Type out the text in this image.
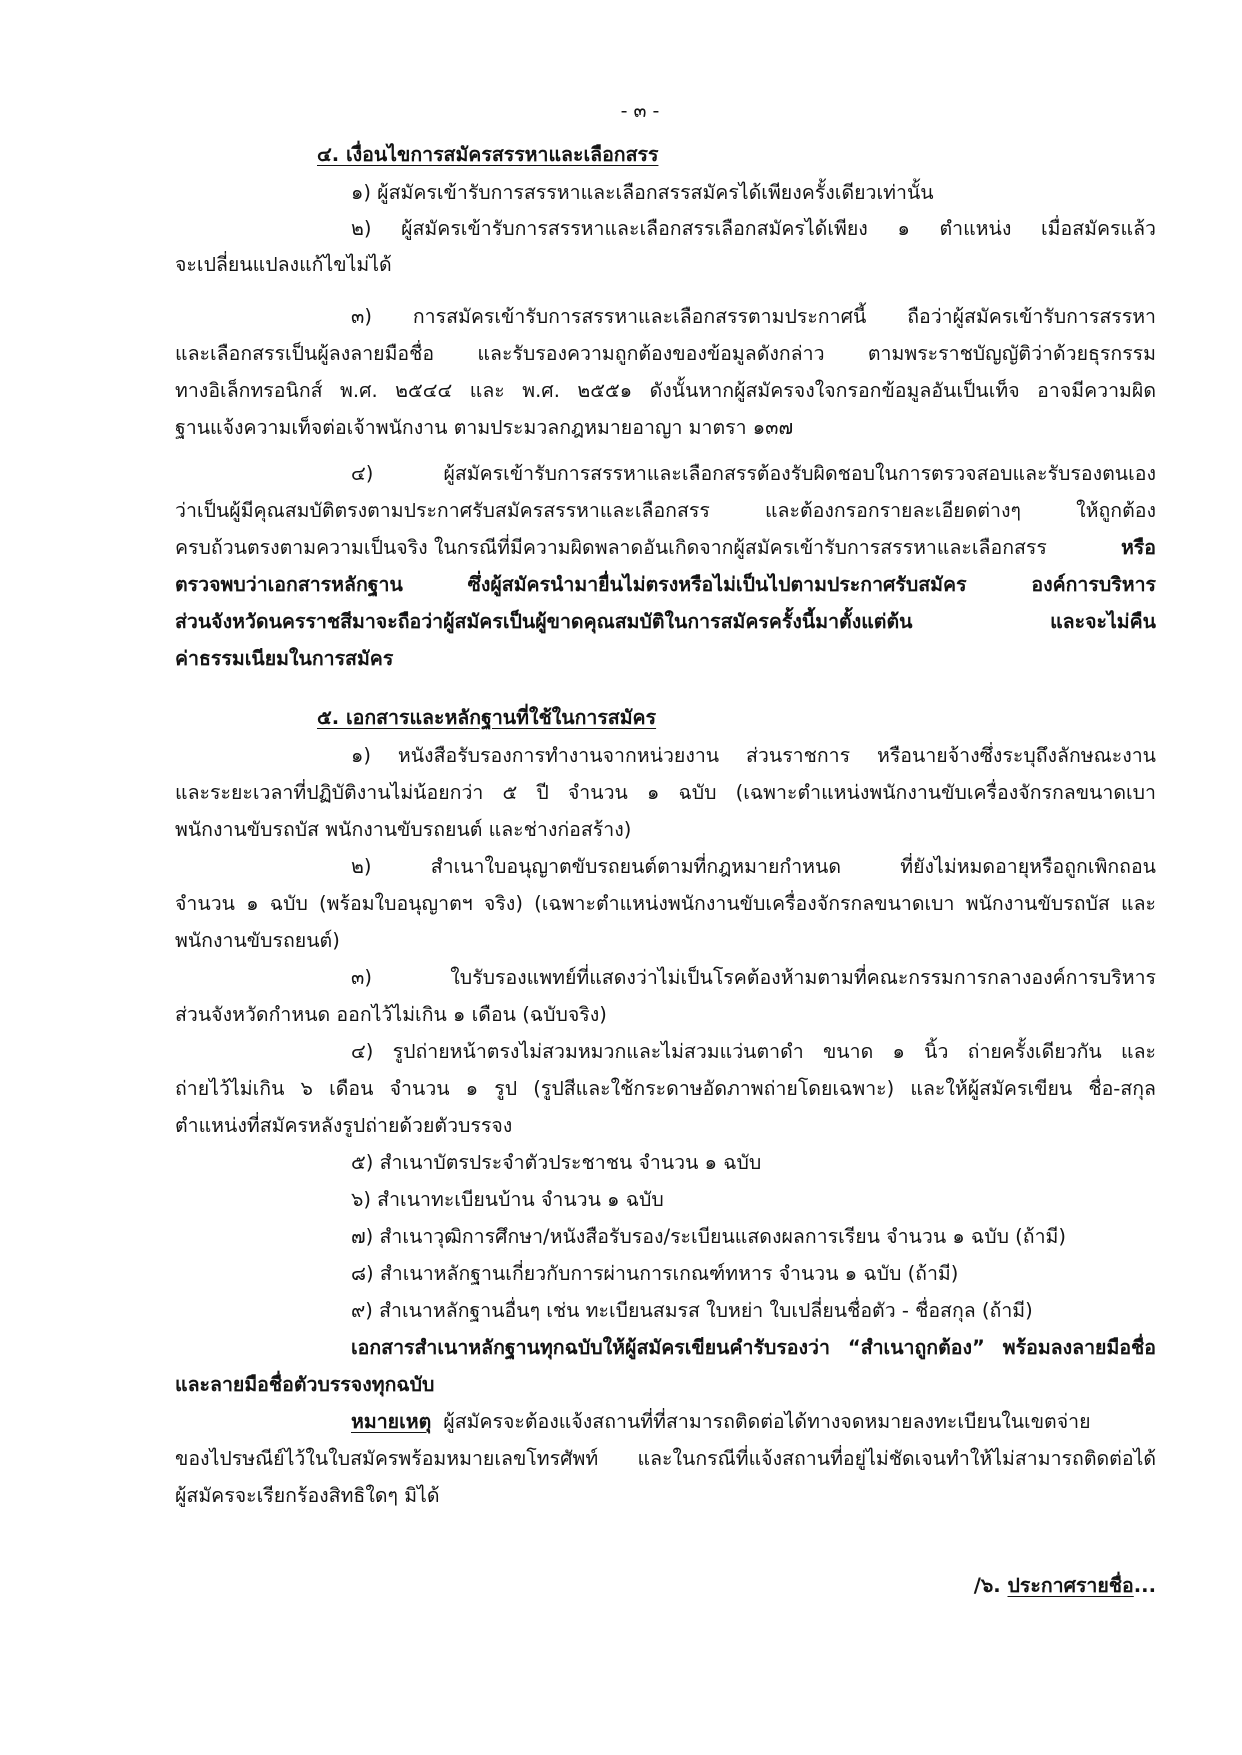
- ๓ -
๔. เงื่อนไขการสมัครสรรหาและเลือกสรร
๑) ผู้สมัครเข้ารับการสรรหาและเลือกสรรสมัครได้เพียงครั้งเดียวเท่านั้น
๒) ผู้สมัครเข้ารับการสรรหาและเลือกสรรเลือกสมัครได้เพียง ๑ ตำแหน่ง เมื่อสมัครแล้ว
จะเปลี่ยนแปลงแก้ไขไม่ได้
๓) การสมัครเข้ารับการสรรหาและเลือกสรรตามประกาศนี้ ถือว่าผู้สมัครเข้ารับการสรรหา
และเลือกสรรเป็นผู้ลงลายมือชื่อ และรับรองความถูกต้องของข้อมูลดังกล่าว ตามพระราชบัญญัติว่าด้วยธุรกรรม
ทางอิเล็กทรอนิกส์ พ.ศ. ๒๕๔๔ และ พ.ศ. ๒๕๕๑ ดังนั้นหากผู้สมัครจงใจกรอกข้อมูลอันเป็นเท็จ อาจมีความผิด
ฐานแจ้งความเท็จต่อเจ้าพนักงาน ตามประมวลกฎหมายอาญา มาตรา ๑๓๗
๔) ผู้สมัครเข้ารับการสรรหาและเลือกสรรต้องรับผิดชอบในการตรวจสอบและรับรองตนเอง
ว่าเป็นผู้มีคุณสมบัติตรงตามประกาศรับสมัครสรรหาและเลือกสรร และต้องกรอกรายละเอียดต่างๆ ให้ถูกต้อง
ครบถ้วนตรงตามความเป็นจริง ในกรณีที่มีความผิดพลาดอันเกิดจากผู้สมัครเข้ารับการสรรหาและเลือกสรร	หรือ
ตรวจพบว่าเอกสารหลักฐาน ซึ่งผู้สมัครนำมายื่นไม่ตรงหรือไม่เป็นไปตามประกาศรับสมัคร องค์การบริหาร
ส่วนจังหวัดนครราชสีมาจะถือว่าผู้สมัครเป็นผู้ขาดคุณสมบัติในการสมัครครั้งนี้มาตั้งแต่ต้น และจะไม่คืน
ค่าธรรมเนียมในการสมัคร
๕. เอกสารและหลักฐานที่ใช้ในการสมัคร
๑) หนังสือรับรองการทำงานจากหน่วยงาน ส่วนราชการ หรือนายจ้างซึ่งระบุถึงลักษณะงาน
และระยะเวลาที่ปฏิบัติงานไม่น้อยกว่า ๕ ปี จำนวน ๑ ฉบับ (เฉพาะตำแหน่งพนักงานขับเครื่องจักรกลขนาดเบา
พนักงานขับรถบัส พนักงานขับรถยนต์ และช่างก่อสร้าง)
๒) สำเนาใบอนุญาตขับรถยนต์ตามที่กฎหมายกำหนด ที่ยังไม่หมดอายุหรือถูกเพิกถอน
จำนวน ๑ ฉบับ (พร้อมใบอนุญาตฯ จริง) (เฉพาะตำแหน่งพนักงานขับเครื่องจักรกลขนาดเบา พนักงานขับรถบัส และ
พนักงานขับรถยนต์)
๓) ใบรับรองแพทย์ที่แสดงว่าไม่เป็นโรคต้องห้ามตามที่คณะกรรมการกลางองค์การบริหาร
ส่วนจังหวัดกำหนด ออกไว้ไม่เกิน ๑ เดือน (ฉบับจริง)
๔) รูปถ่ายหน้าตรงไม่สวมหมวกและไม่สวมแว่นตาดำ ขนาด ๑ นิ้ว ถ่ายครั้งเดียวกัน และ
ถ่ายไว้ไม่เกิน ๖ เดือน จำนวน ๑ รูป (รูปสีและใช้กระดาษอัดภาพถ่ายโดยเฉพาะ) และให้ผู้สมัครเขียน ชื่อ-สกุล
ตำแหน่งที่สมัครหลังรูปถ่ายด้วยตัวบรรจง
๕) สำเนาบัตรประจำตัวประชาชน จำนวน ๑ ฉบับ
๖) สำเนาทะเบียนบ้าน จำนวน ๑ ฉบับ
๗) สำเนาวุฒิการศึกษา/หนังสือรับรอง/ระเบียนแสดงผลการเรียน จำนวน ๑ ฉบับ (ถ้ามี)
๘) สำเนาหลักฐานเกี่ยวกับการผ่านการเกณฑ์ทหาร จำนวน ๑ ฉบับ (ถ้ามี)
๙) สำเนาหลักฐานอื่นๆ เช่น ทะเบียนสมรส ใบหย่า ใบเปลี่ยนชื่อตัว - ชื่อสกุล (ถ้ามี)
เอกสารสำเนาหลักฐานทุกฉบับให้ผู้สมัครเขียนคำรับรองว่า “สำเนาถูกต้อง” พร้อมลงลายมือชื่อ
และลายมือชื่อตัวบรรจงทุกฉบับ
หมายเหตุ ผู้สมัครจะต้องแจ้งสถานที่ที่สามารถติดต่อได้ทางจดหมายลงทะเบียนในเขตจ่าย
ของไปรษณีย์ไว้ในใบสมัครพร้อมหมายเลขโทรศัพท์ และในกรณีที่แจ้งสถานที่อยู่ไม่ชัดเจนทำให้ไม่สามารถติดต่อได้
ผู้สมัครจะเรียกร้องสิทธิใดๆ มิได้
/๖. ประกาศรายชื่อ...
